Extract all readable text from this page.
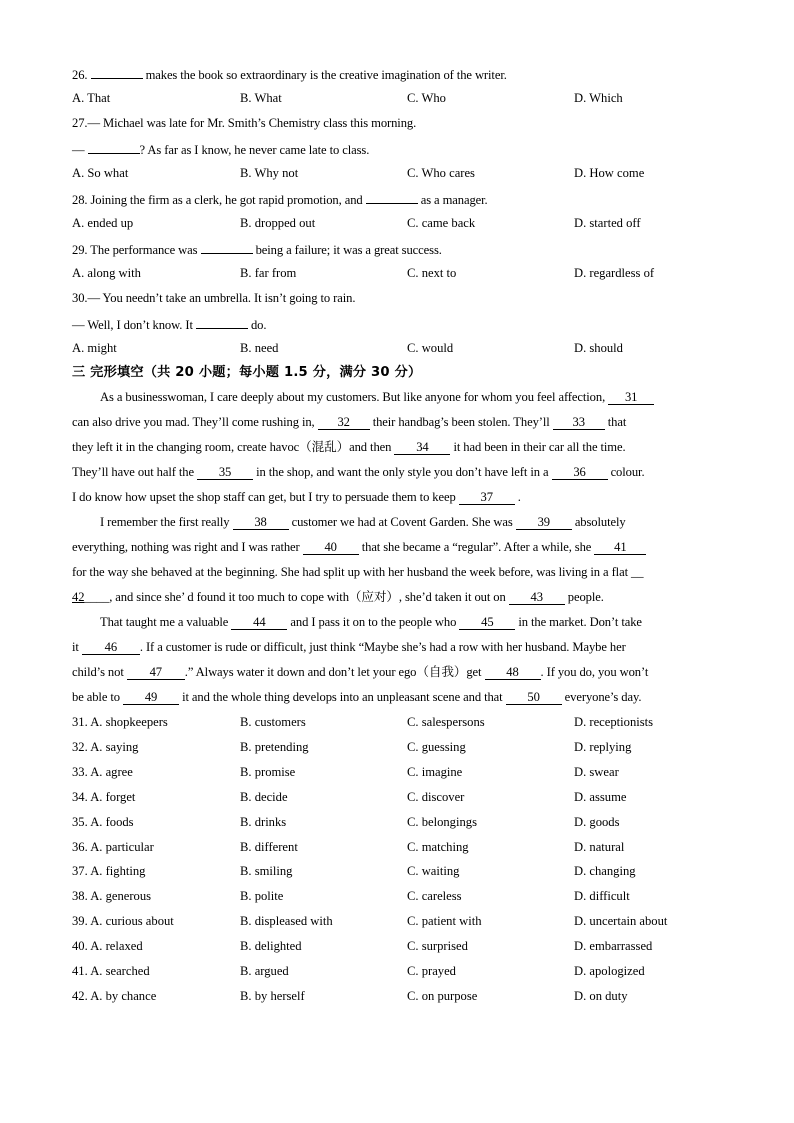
26.	makes the book so extraordinary is the creative imagination of the writer.
A. That	B. What	C. Who	D. Which
27.— Michael was late for Mr. Smith’s Chemistry class this morning.
—	? As far as I know, he never came late to class.
A. So what	B. Why not	C. Who cares	D. How come
28. Joining the firm as a clerk, he got rapid promotion, and	as a manager.
A. ended up	B. dropped out	C. came back	D. started off
29. The performance was	being a failure; it was a great success.
A. along with	B. far from	C. next to	D. regardless of
30.— You needn’t take an umbrella. It isn’t going to rain.
— Well, I don’t know. It	do.
A. might	B. need	C. would	D. should
三 完形填空（共 20 小题；每小题 1.5 分，满分 30 分）
As a businesswoman, I care deeply about my customers. But like anyone for whom you feel affection, 31
can also drive you mad. They’ll come rushing in, 32 their handbag’s been stolen. They’ll 33 that
they left it in the changing room, create havoc（混乱）and then 34 it had been in their car all the time.
They’ll have out half the 35 in the shop, and want the only style you don’t have left in a 36 colour.
I do know how upset the shop staff can get, but I try to persuade them to keep 37 .
I remember the first really 38 customer we had at Covent Garden. She was 39 absolutely
everything, nothing was right and I was rather 40 that she became a “regular”. After a while, she 41
for the way she behaved at the beginning. She had split up with her husband the week before, was living in a flat __
42____, and since she’ d found it too much to cope with（应对）, she’d taken it out on 43 people.
That taught me a valuable 44 and I pass it on to the people who 45 in the market. Don’t take
it 46 . If a customer is rude or difficult, just think “Maybe she’s had a row with her husband. Maybe her
child’s not 47 .” Always water it down and don’t let your ego（自我）get 48 . If you do, you won’t
be able to 49 it and the whole thing develops into an unpleasant scene and that 50 everyone’s day.
31. A. shopkeepers	B. customers	C. salespersons	D. receptionists
32. A. saying	B. pretending	C. guessing	D. replying
33. A. agree	B. promise	C. imagine	D. swear
34. A. forget	B. decide	C. discover	D. assume
35. A. foods	B. drinks	C. belongings	D. goods
36. A. particular	B. different	C. matching	D. natural
37. A. fighting	B. smiling	C. waiting	D. changing
38. A. generous	B. polite	C. careless	D. difficult
39. A. curious about	B. displeased with	C. patient with	D. uncertain about
40. A. relaxed	B. delighted	C. surprised	D. embarrassed
41. A. searched	B. argued	C. prayed	D. apologized
42. A. by chance	B. by herself	C. on purpose	D. on duty
